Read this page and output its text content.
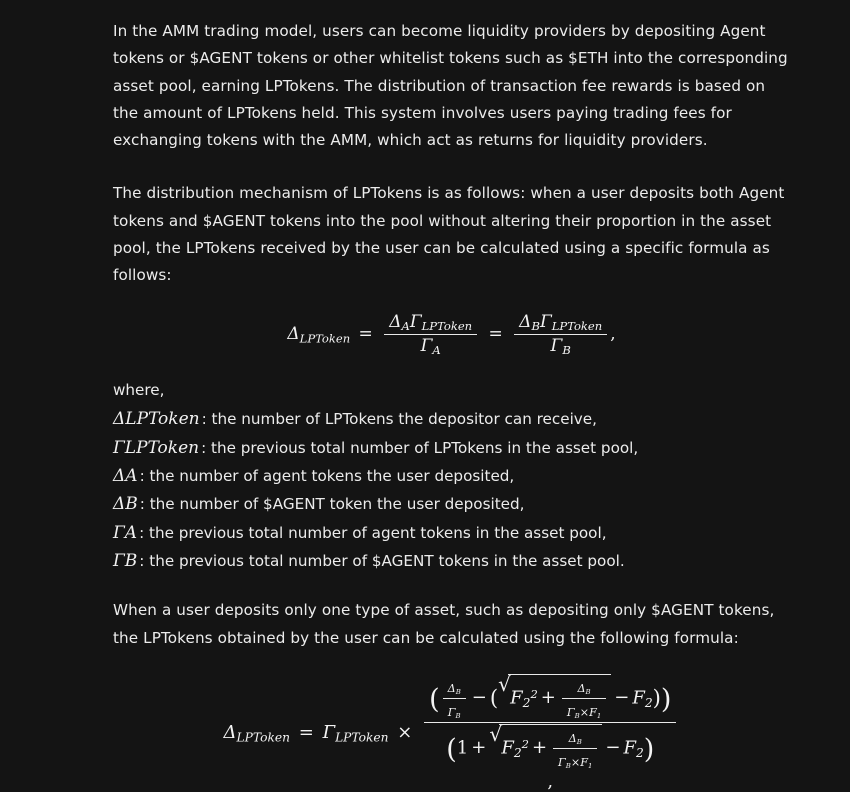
In the AMM trading model, users can become liquidity providers by depositing Agent tokens or $AGENT tokens or other whitelist tokens such as $ETH into the corresponding asset pool, earning LPTokens. The distribution of transaction fee rewards is based on the amount of LPTokens held. This system involves users paying trading fees for exchanging tokens with the AMM, which act as returns for liquidity providers.

The distribution mechanism of LPTokens is as follows: when a user deposits both Agent tokens and $AGENT tokens into the pool without altering their proportion in the asset pool, the LPTokens received by the user can be calculated using a specific formula as follows:

$\Delta_{LPToken} = \frac{\Delta_A\Gamma_{LPToken}}{\Gamma_A} = \frac{\Delta_B\Gamma_{LPToken}}{\Gamma_B}$ ,
where,
ΔLPToken : the number of LPTokens the depositor can receive,
ΓLPToken : the previous total number of LPTokens in the asset pool,
ΔA : the number of agent tokens the user deposited,
ΔB : the number of $AGENT token the user deposited,
ΓA : the previous total number of agent tokens in the asset pool,
ΓB : the previous total number of $AGENT tokens in the asset pool.

When a user deposits only one type of asset, such as depositing only $AGENT tokens, the LPTokens obtained by the user can be calculated using the following formula:

$\Delta_{LPToken} = \Gamma_{LPToken}$ ×
( $\frac{\Delta B}{\Gamma B}$ − ( √ $F_2^2 + \frac{\Delta B}{\Gamma B\times F1} - F_2$))
(1 + √ $F_2^2 + \frac{\Delta B}{\Gamma B\times F1} - F_2$)
,
